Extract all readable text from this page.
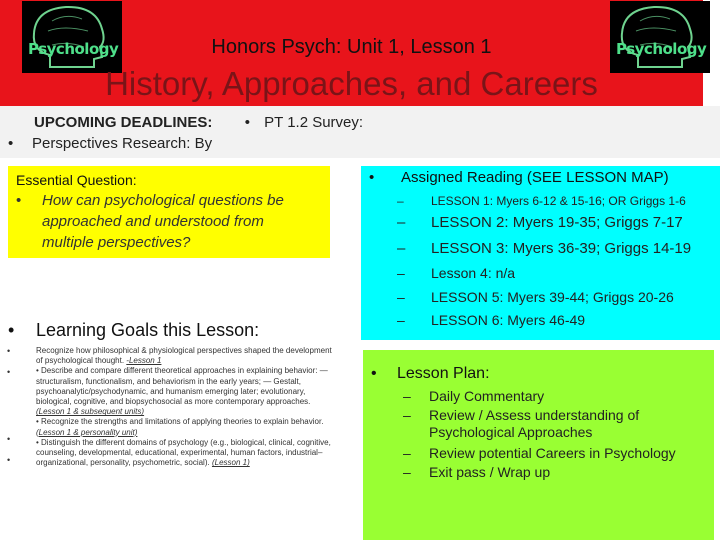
Psychology	Psychology
Honors Psych: Unit 1, Lesson 1
History, Approaches, and Careers
UPCOMING DEADLINES: • PT 1.2 Survey:
• Perspectives Research: By
Essential Question:
•	How can psychological questions be approached and understood from multiple perspectives?
• Assigned Reading (SEE LESSON MAP)
– LESSON 1: Myers 6-12 & 15-16; OR Griggs 1-6
– LESSON 2: Myers 19-35; Griggs 7-17
– LESSON 3: Myers 36-39; Griggs 14-19
– Lesson 4: n/a
– LESSON 5: Myers 39-44; Griggs 20-26
– LESSON 6: Myers 46-49
• Lesson Plan:
–	Daily Commentary
–	Review / Assess understanding of Psychological Approaches
–	Review potential Careers in Psychology
–	Exit pass / Wrap up
• Learning Goals this Lesson:
•
•
•
•
Recognize how philosophical & physiological perspectives shaped the development of psychological thought. -Lesson 1
• Describe and compare different theoretical approaches in explaining behavior: — structuralism, functionalism, and behaviorism in the early years; — Gestalt, psychoanalytic/psychodynamic, and humanism emerging later; evolutionary, biological, cognitive, and biopsychosocial as more contemporary approaches. (Lesson 1 & subsequent units)
• Recognize the strengths and limitations of applying theories to explain behavior. (Lesson 1 & personality unit)
• Distinguish the different domains of psychology (e.g., biological, clinical, cognitive, counseling, developmental, educational, experimental, human factors, industrial–organizational, personality, psychometric, social). (Lesson 1)
